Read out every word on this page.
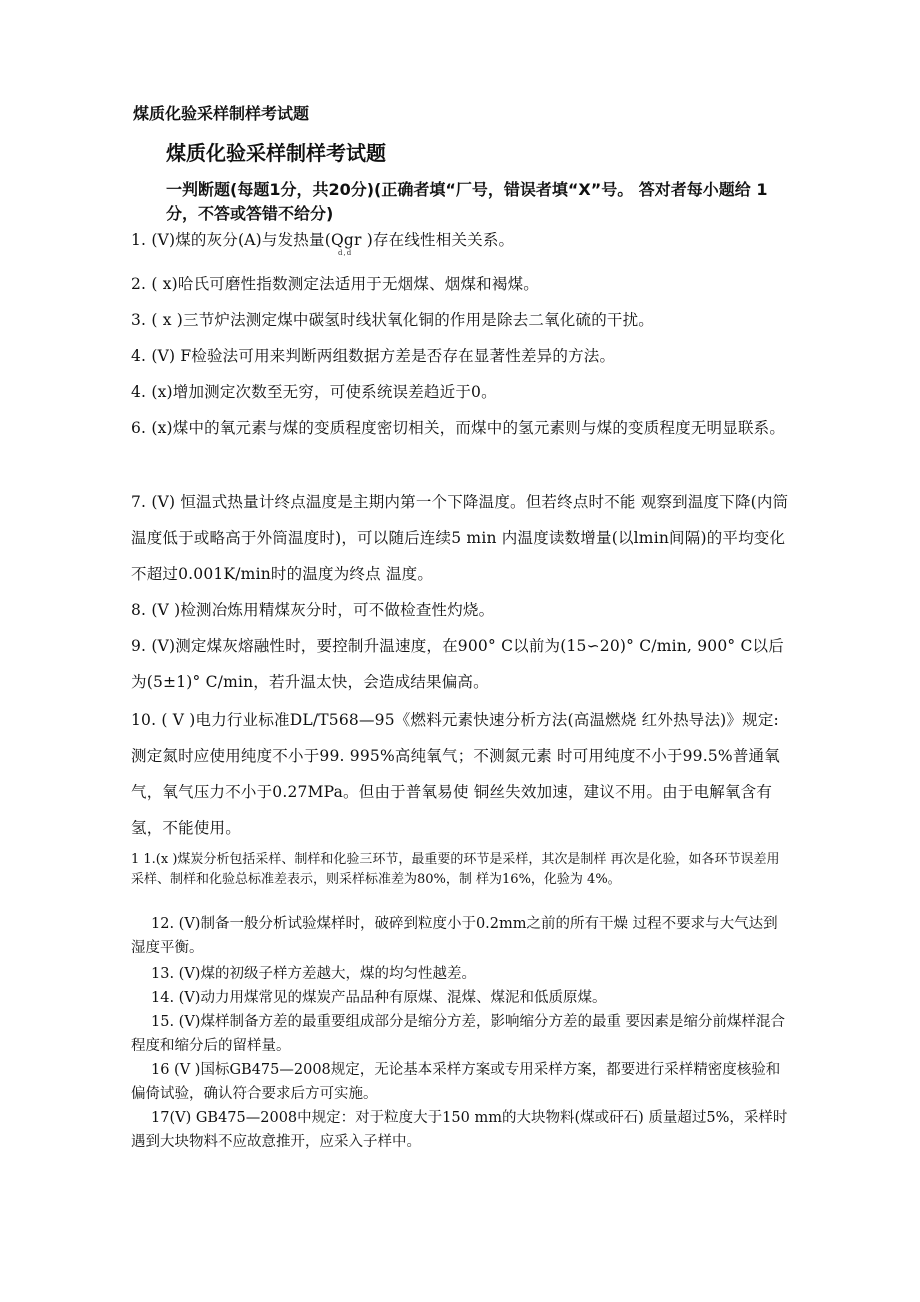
煤质化验采样制样考试题

煤质化验采样制样考试题

一判断题(每题1分，共20分)(正确者填“厂号，错误者填“X”号。 答对者每小题给 1 分，不答或答错不给分)

1. (V)煤的灰分(A)与发热量(Qgr )存在线性相关关系。

d,d

2. ( x)哈氏可磨性指数测定法适用于无烟煤、烟煤和褐煤。

3. ( x )三节炉法测定煤中碳氢时线状氧化铜的作用是除去二氧化硫的干扰。

4. (V) F检验法可用来判断两组数据方差是否存在显著性差异的方法。

4. (x)增加测定次数至无穷，可使系统误差趋近于0。

6. (x)煤中的氧元素与煤的变质程度密切相关，而煤中的氢元素则与煤的变质程度无明显联系。

7. (V) 恒温式热量计终点温度是主期内第一个下降温度。但若终点时不能 观察到温度下降(内筒温度低于或略高于外筒温度时)，可以随后连续5 min 内温度读数增量(以lmin间隔)的平均变化不超过0.001K/min时的温度为终点 温度。

8. (V )检测冶炼用精煤灰分时，可不做检查性灼烧。

9. (V)测定煤灰熔融性时，要控制升温速度，在900° C以前为(15∽20)° C/min, 900° C以后为(5±1)° C/min，若升温太快，会造成结果偏高。

10. ( V )电力行业标准DL/T568—95《燃料元素快速分析方法(高温燃烧 红外热导法)》规定:测定氮时应使用纯度不小于99. 995%高纯氧气；不测氮元素 时可用纯度不小于99.5%普通氧气，氧气压力不小于0.27MPa。但由于普氧易使 铜丝失效加速，建议不用。由于电解氧含有氢，不能使用。

1 1.(x )煤炭分析包括采样、制样和化验三环节，最重要的环节是采样，其次是制样 再次是化验，如各环节误差用采样、制样和化验总标准差表示，则采样标准差为80%，制 样为16%，化验为 4%。

12. (V)制备一般分析试验煤样时，破碎到粒度小于0.2mm之前的所有干燥 过程不要求与大气达到湿度平衡。

13. (V)煤的初级子样方差越大，煤的均匀性越差。

14. (V)动力用煤常见的煤炭产品品种有原煤、混煤、煤泥和低质原煤。

15. (V)煤样制备方差的最重要组成部分是缩分方差，影响缩分方差的最重 要因素是缩分前煤样混合程度和缩分后的留样量。

16 (V )国标GB475—2008规定，无论基本采样方案或专用采样方案，都要进行采样精密度核验和偏倚试验，确认符合要求后方可实施。

17(V) GB475—2008中规定：对于粒度大于150 mm的大块物料(煤或矸石) 质量超过5%，采样时遇到大块物料不应故意推开，应采入子样中。
